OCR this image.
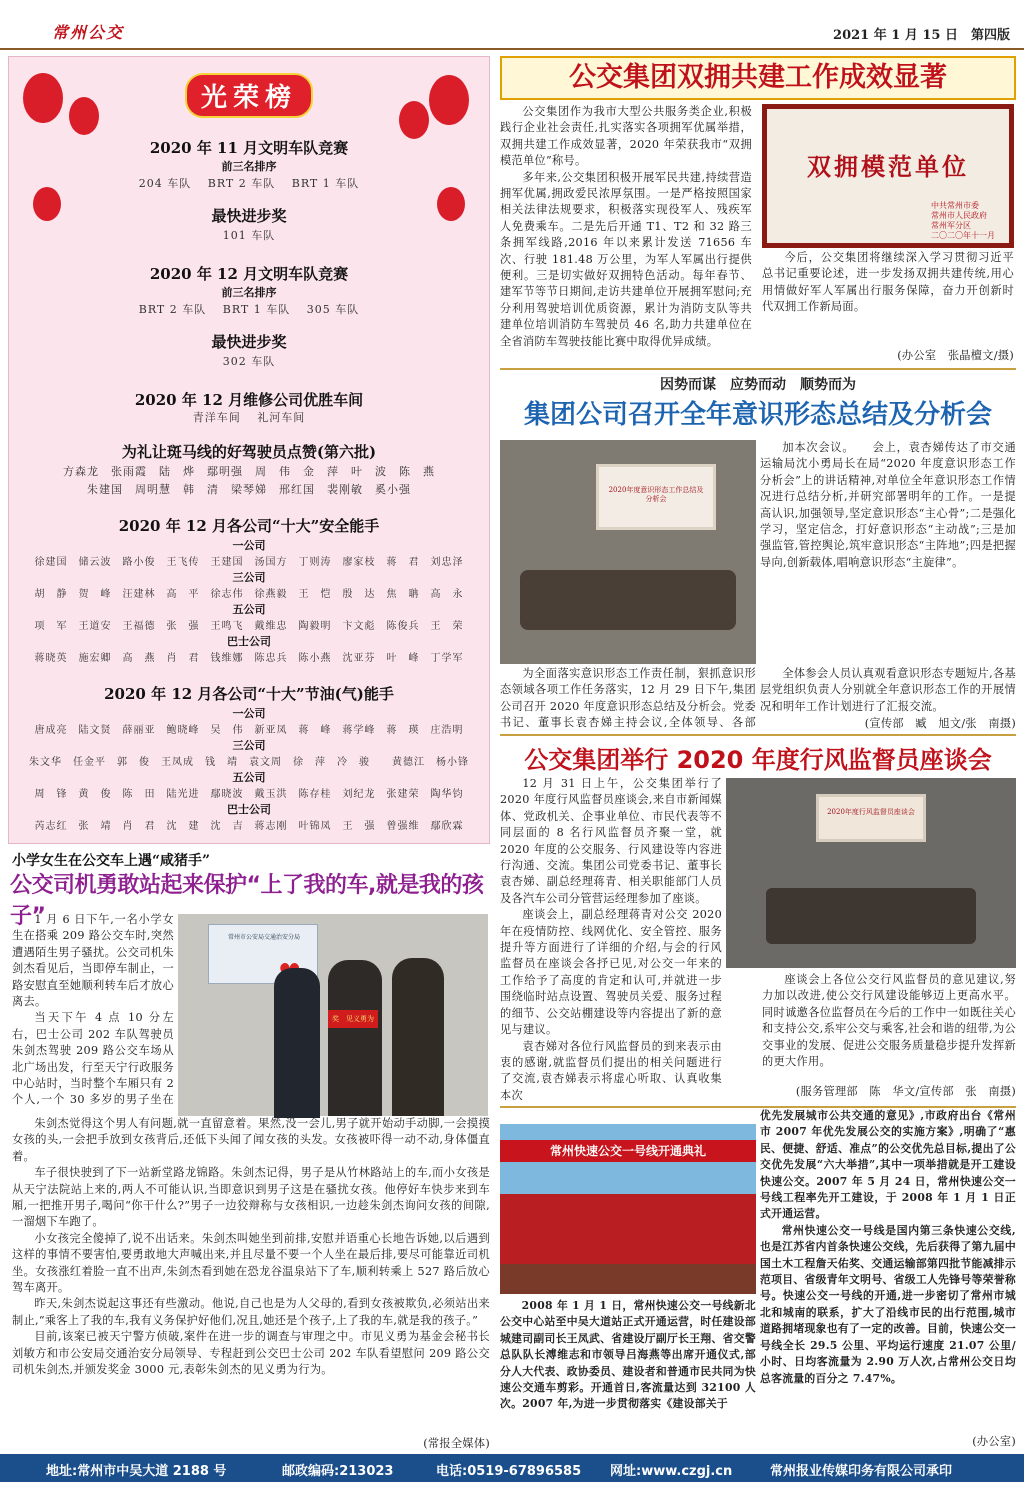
常州公交	2021 年 1 月 15 日　第四版
光荣榜
2020 年 11 月文明车队竞赛
前三名排序
204 车队　 BRT 2 车队　 BRT 1 车队
最快进步奖
101 车队
2020 年 12 月文明车队竞赛
前三名排序
BRT 2 车队　 BRT 1 车队　 305 车队
最快进步奖
302 车队
2020 年 12 月维修公司优胜车间
青洋车间　 礼河车间
为礼让斑马线的好驾驶员点赞(第六批)
方森龙　张雨霞　陆　烨　鄢明强　周　伟　金　萍　叶　波　陈　燕
朱建国　周明慧　韩　清　梁琴娣　邢红国　裴刚敏　奚小强
2020 年 12 月各公司“十大”安全能手
一公司
徐建国　储云波　路小俊　王飞传　王建国　汤国方　丁则涛　廖家枝　蒋　君　刘忠泽
三公司
胡　静　贺　峰　汪建林　高　平　徐志伟　徐燕毅　王　恺　殷　达　焦　聃　高　永
五公司
项　军　王道安　王福德　张　强　王鸣飞　戴维忠　陶毅明　卞文彪　陈俊兵　王　荣
巴士公司
蒋晓英　施宏卿　高　燕　肖　君　钱维娜　陈忠兵　陈小燕　沈亚芬　叶　峰　丁学军
2020 年 12 月各公司“十大”节油(气)能手
一公司
唐成亮　陆文贤　薛丽亚　鲍晓峰　吴　伟　新亚凤　蒋　峰　蒋学峰　蒋　瑛　庄浩明
三公司
朱文华　任金平　郭　俊　王凤成　钱　靖　袁文周　徐　萍　冷　骏　　黄德江　杨小锋
五公司
周　锋　黄　俊　陈　田　陆光进　鄢晓波　戴玉洪　陈存桂　刘纪龙　张建荣　陶华钧
巴士公司
芮志红　张　靖　肖　君　沈　建　沈　吉　蒋志刚　叶锦凤　王　强　曾强维　鄢欣霖
公交集团双拥共建工作成效显著

公交集团作为我市大型公共服务类企业,积极践行企业社会责任,扎实落实各项拥军优属举措，双拥共建工作成效显著，2020 年荣获我市“双拥模范单位”称号。

多年来,公交集团积极开展军民共建,持续营造拥军优属,拥政爱民浓厚氛围。一是严格按照国家相关法律法规要求，积极落实现役军人、残疾军人免费乘车。二是先后开通 T1、T2 和 32 路三条拥军线路,2016 年以来累计发送 71656 车次、行驶 181.48 万公里，为军人军属出行提供便利。三是切实做好双拥特色活动。每年春节、建军节等节日期间,走访共建单位开展拥军慰问;充分利用驾驶培训优质资源，累计为消防支队等共建单位培训消防车驾驶员 46 名,助力共建单位在全省消防车驾驶技能比赛中取得优异成绩。

双拥模范单位
中共常州市委
常州市人民政府
常州军分区
二〇二〇年十一月

今后，公交集团将继续深入学习贯彻习近平总书记重要论述，进一步发扬双拥共建传统,用心用情做好军人军属出行服务保障，奋力开创新时代双拥工作新局面。

(办公室　张晶檀文/摄)
因势而谋　应势而动　顺势而为
集团公司召开全年意识形态总结及分析会
2020年度意识形态工作总结及分析会

加本次会议。　　会上，袁杏娣传达了市交通运输局沈小勇局长在局“2020 年度意识形态工作分析会”上的讲话精神,对单位全年意识形态工作情况进行总结分析,并研究部署明年的工作。一是提高认识,加强领导,坚定意识形态“主心骨”;二是强化学习，坚定信念，打好意识形态“主动战”;三是加强监管,管控舆论,筑牢意识形态“主阵地”;四是把握导向,创新载体,唱响意识形态“主旋律”。

为全面落实意识形态工作责任制，狠抓意识形态领域各项工作任务落实，12 月 29 日下午,集团公司召开 2020 年度意识形态总结及分析会。党委书记、董事长袁杏娣主持会议,全体领导、各部

全体参会人员认真观看意识形态专题短片,各基层党组织负责人分别就全年意识形态工作的开展情况和明年工作计划进行了汇报交流。

(宣传部　臧　旭文/张　南摄)
公交集团举行 2020 年度行风监督员座谈会

12 月 31 日上午，公交集团举行了 2020 年度行风监督员座谈会,来自市新闻媒体、党政机关、企事业单位、市民代表等不同层面的 8 名行风监督员齐聚一堂，就 2020 年度的公交服务、行风建设等内容进行沟通、交流。集团公司党委书记、董事长袁杏娣、副总经理蒋青、相关职能部门人员及各汽车公司分管营运经理参加了座谈。

座谈会上，副总经理蒋青对公交 2020 年在疫情防控、线网优化、安全管控、服务提升等方面进行了详细的介绍,与会的行风监督员在座谈会各抒已见,对公交一年来的工作给予了高度的肯定和认可,并就进一步围绕临时站点设置、驾驶员关爱、服务过程的细节、公交站棚建设等内容提出了新的意见与建议。

袁杏娣对各位行风监督员的到来表示由衷的感谢,就监督员们提出的相关问题进行了交流,袁杏娣表示将虚心听取、认真收集本次

2020年度行风监督员座谈会

座谈会上各位公交行风监督员的意见建议,努力加以改进,使公交行风建设能够迈上更高水平。同时诚邀各位监督员在今后的工作中一如既往关心和支持公交,系牢公交与乘客,社会和谐的纽带,为公交事业的发展、促进公交服务质量稳步提升发挥新的更大作用。

(服务管理部　陈　华文/宣传部　张　南摄)
小学女生在公交车上遇“咸猪手”
公交司机勇敢站起来保护“上了我的车,就是我的孩子”

1 月 6 日下午,一名小学女生在搭乘 209 路公交车时,突然遭遇陌生男子骚扰。公交司机朱剑杰看见后，当即停车制止，一路安慰直至她顺利转车后才放心离去。

当天下午 4 点 10 分左右，巴士公司 202 车队驾驶员朱剑杰驾驶 209 路公交车场从北广场出发，行至天宁行政服务中心站时，当时整个车厢只有 2 个人,一个 30 多岁的男子坐在

常州市公安局交通治安分局
奖　见义勇为

朱剑杰觉得这个男人有问题,就一直留意着。果然,没一会儿,男子就开始动手动脚,一会摸摸女孩的头,一会把手放到女孩背后,还低下头闻了闻女孩的头发。女孩被吓得一动不动,身体僵直着。

车子很快驶到了下一站新堂路龙锦路。朱剑杰记得，男子是从竹林路站上的车,而小女孩是从天宁法院站上来的,两人不可能认识,当即意识到男子这是在骚扰女孩。他停好车快步来到车厢,一把推开男子,喝问“你干什么?”男子一边狡辩称与女孩相识,一边趁朱剑杰询问女孩的间隙,一溜烟下车跑了。

小女孩完全傻掉了,说不出话来。朱剑杰叫她坐到前排,安慰并语重心长地告诉她,以后遇到这样的事情不要害怕,要勇敢地大声喊出来,并且尽量不要一个人坐在最后排,要尽可能靠近司机坐。女孩涨红着脸一直不出声,朱剑杰看到她在恐龙谷温泉站下了车,顺利转乘上 527 路后放心驾车离开。

昨天,朱剑杰说起这事还有些激动。他说,自己也是为人父母的,看到女孩被欺负,必须站出来制止,“乘客上了我的车,我有义务保护好他们,况且,她还是个孩子,上了我的车,就是我的孩子。”

目前,该案已被天宁警方侦破,案件在进一步的调查与审理之中。市见义勇为基金会秘书长刘敏方和市公安局交通治安分局领导、专程赶到公交巴士公司 202 车队看望慰问 209 路公交司机朱剑杰,并颁发奖金 3000 元,表彰朱剑杰的见义勇为行为。

(常报全媒体)
常州快速公交一号线开通典礼

2008 年 1 月 1 日，常州快速公交一号线新北公交中心站至中吴大道站正式开通运营，时任建设部城建司副司长王凤武、省建设厅副厅长王翔、省交警总队队长溥维志和市领导吕海燕等出席开通仪式,部分人大代表、政协委员、建设者和普通市民共同为快速公交通车剪彩。开通首日,客流量达到 32100 人次。2007 年,为进一步贯彻落实《建设部关于

优先发展城市公共交通的意见》,市政府出台《常州市 2007 年优先发展公交的实施方案》,明确了“惠民、便捷、舒适、准点”的公交优先总目标,提出了公交优先发展“六大举措”,其中一项举措就是开工建设快速公交。2007 年 5 月 24 日，常州快速公交一号线工程率先开工建设，于 2008 年 1 月 1 日正式开通运营。

常州快速公交一号线是国内第三条快速公交线,也是江苏省内首条快速公交线，先后获得了第九届中国土木工程詹天佑奖、交通运输部第四批节能减排示范项目、省级青年文明号、省级工人先锋号等荣誉称号。快速公交一号线的开通,进一步密切了常州市城北和城南的联系，扩大了沿线市民的出行范围,城市道路拥堵现象也有了一定的改善。目前，快速公交一号线全长 29.5 公里、平均运行速度 21.07 公里/小时、日均客流量为 2.90 万人次,占常州公交日均总客流量的百分之 7.47%。

(办公室)
地址:常州市中吴大道 2188 号	邮政编码:213023	电话:0519-67896585 网址:www.czgj.cn	常州报业传媒印务有限公司承印
